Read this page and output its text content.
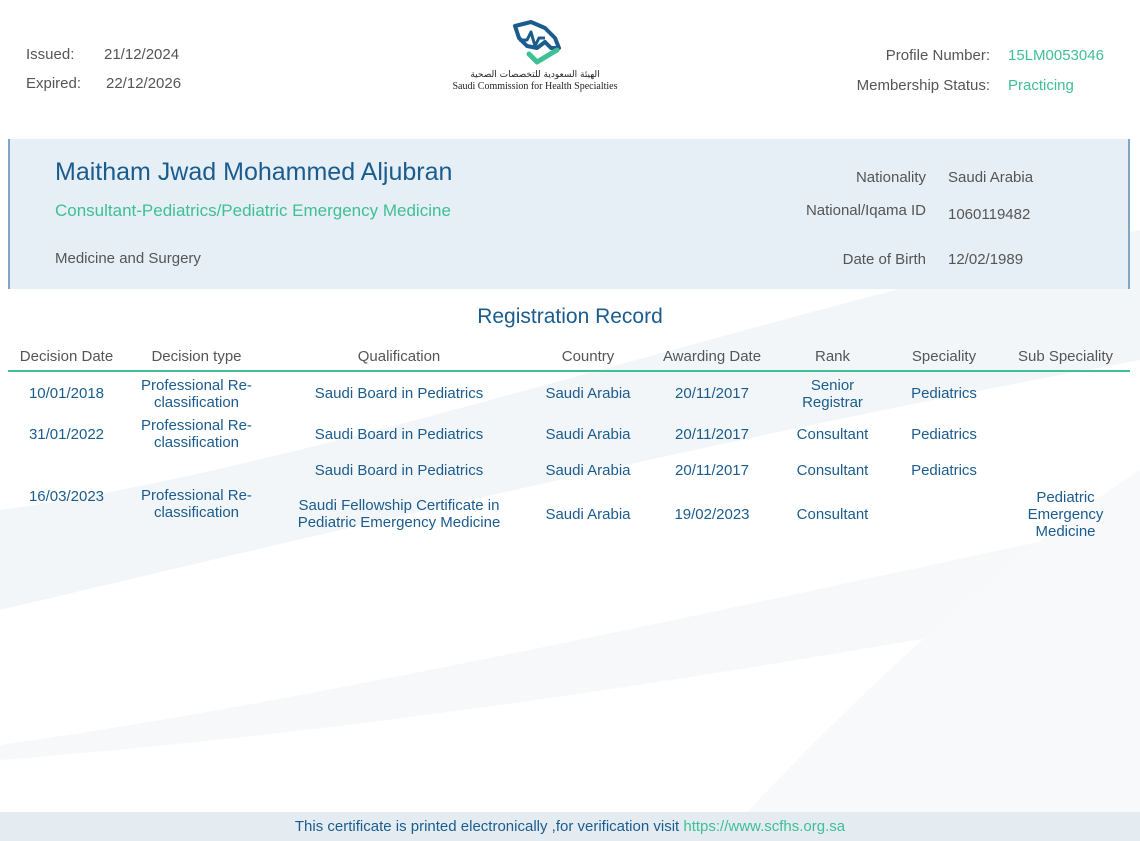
Issued:	21/12/2024
Expired:	22/12/2026	الهيئة السعودية للتخصصات الصحية
Saudi Commission for Health Specialties
Profile Number: 15LM0053046
Membership Status: Practicing
Maitham Jwad Mohammed Aljubran
Consultant-Pediatrics/Pediatric Emergency Medicine
Medicine and Surgery
Nationality Saudi Arabia
National/Iqama ID 1060119482
Date of Birth 12/02/1989
Registration Record
Decision Date	Decision type	Qualification	Country	Awarding Date	Rank	Speciality	Sub Speciality
10/01/2018	Professional Re-classification	Saudi Board in Pediatrics	Saudi Arabia	20/11/2017	Senior Registrar	Pediatrics	
31/01/2022	Professional Re-classification	Saudi Board in Pediatrics	Saudi Arabia	20/11/2017	Consultant	Pediatrics	
		Saudi Board in Pediatrics	Saudi Arabia	20/11/2017	Consultant	Pediatrics	
16/03/2023	Professional Re-classification	Saudi Fellowship Certificate in Pediatric Emergency Medicine	Saudi Arabia	19/02/2023	Consultant		Pediatric Emergency Medicine
This certificate is printed electronically ,for verification visit https://www.scfhs.org.sa
